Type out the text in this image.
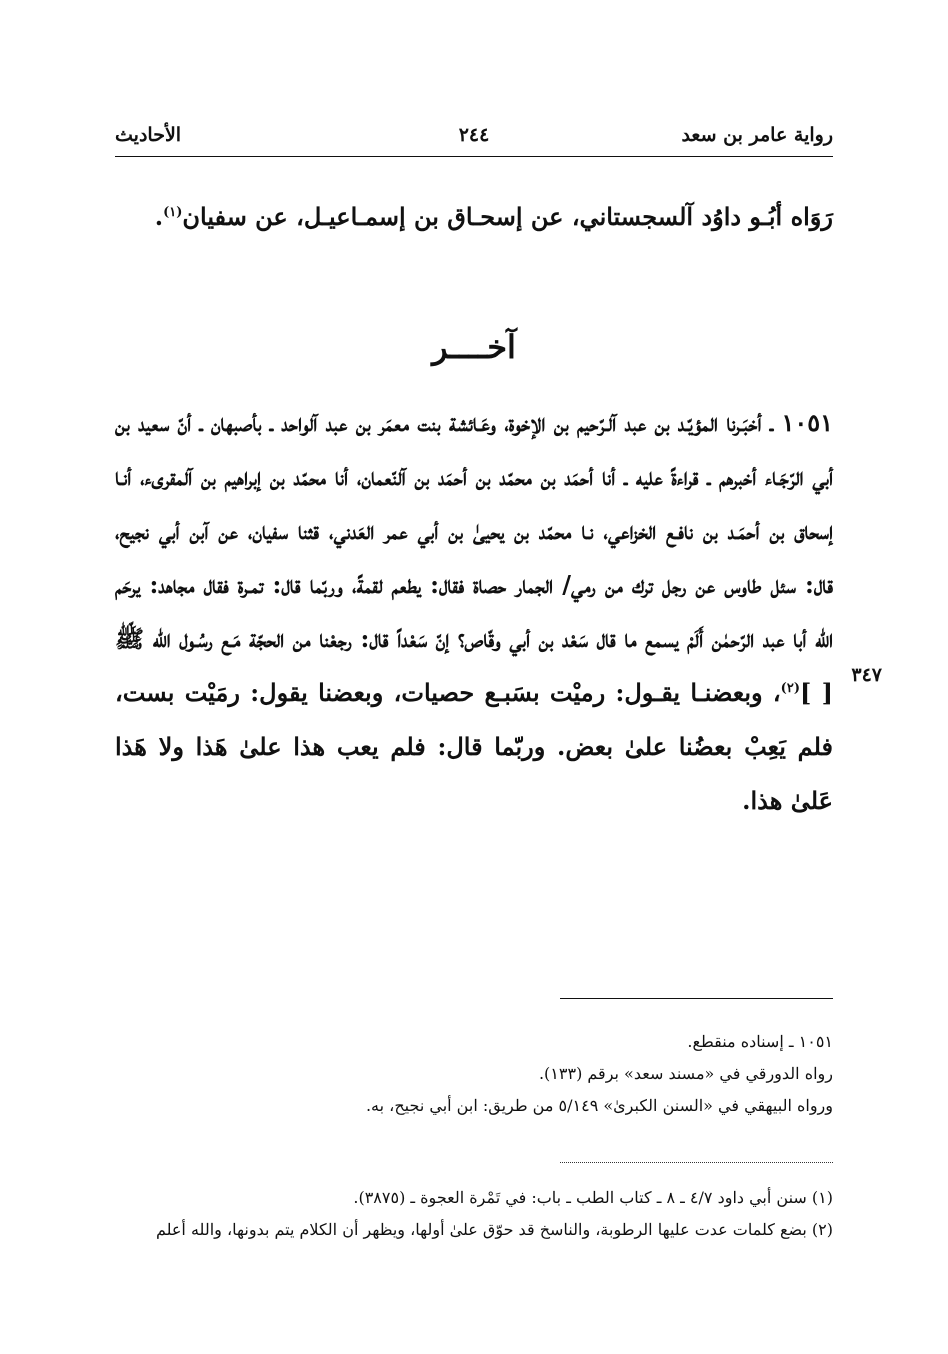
رواية عامر بن سعد
٢٤٤
الأحاديث

رَوَاه أبُـو داوُد آلسجستاني، عن إسحـاق بن إسمـاعيـل، عن سفيان$^{(١)}$.

آخــــر

١٠٥١ ـ أخبَـرنا المؤيّـد بن عبد آلـرّحيم بن الإخوة، وعَـائشة بنت معمَر بن عبد آلواحد ـ بأصبهان ـ أنّ سعيد بن أبي الرّجَـاء أخبرهم ـ قراءةً عليه ـ أنا أحمَد بن محمّد بن أحمَد بن آلنّعمان، أنا محمّد بن إبراهيم بن آلمقرىء، أنـا إسحاق بن أحمَـد بن نافـع الخزاعي، نـا محمّد بن يحيىٰ بن أبي عمر العَدني، قثنا سفيان، عن آبن أبي نجيح، قال: سئل طاوس عن رجل ترك من رمي/ الجمار حصاة فقال: يطعم لقمةً، وربّما قال: تمـرة فقال مجاهد: يرحَم الله أبا عبد الرّحمٰن أَلَمْ يسمع ما قال سَعْد بن أبي وقّاص؟ إنّ سَعْداً قال: رجعْنا من الحجّة مَـع رسُـول الله ﷺ [ ]$^{(٢)}$، وبعضنـا يقـول: رميْت بسَبـع حصيات، وبعضنا يقول: رمَيْت بست، فلم يَعِبْ بعضُنا علىٰ بعض. وربّما قال: فلم يعب هذا علىٰ هَذا ولا هَذا عَلىٰ هذا.

٣٤٧

١٠٥١ ـ إسناده منقطع.

رواه الدورقي في «مسند سعد» برقم (١٣٣).

ورواه البيهقي في «السنن الكبرىٰ» ٥/١٤٩ من طريق: ابن أبي نجيح، به.

(١) سنن أبي داود ٤/٧ ـ ٨ ـ كتاب الطب ـ باب: في تَمْرة العجوة ـ (٣٨٧٥).

(٢) بضع كلمات عدت عليها الرطوبة، والناسخ قد حوّق علىٰ أولها، ويظهر أن الكلام يتم بدونها، والله أعلم
